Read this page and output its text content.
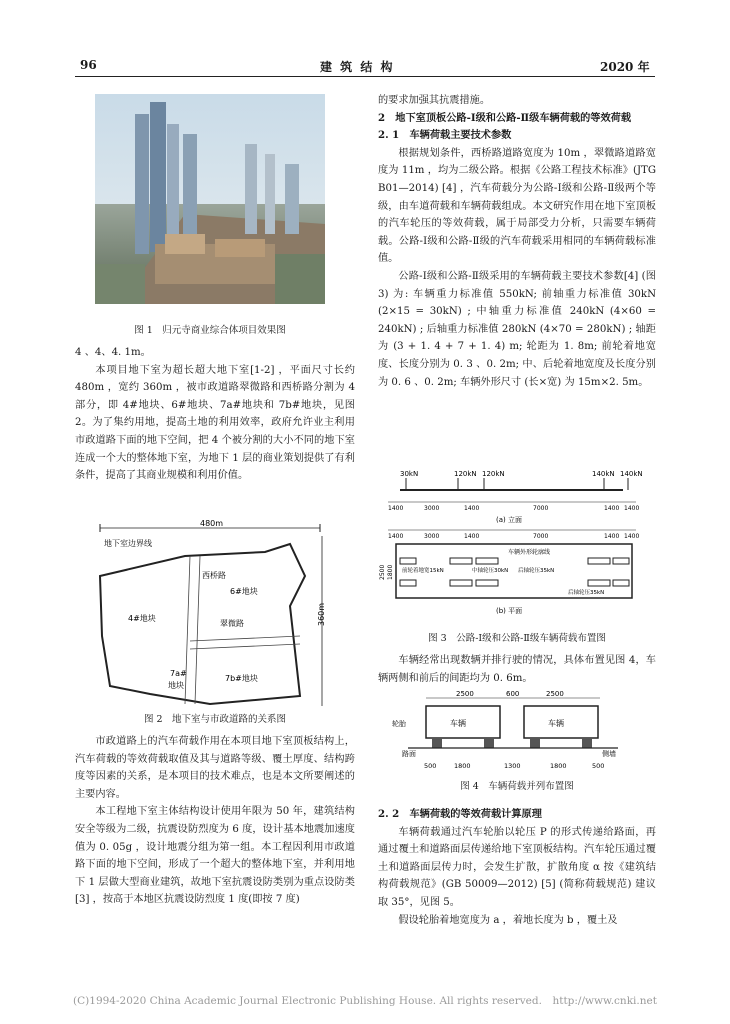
96	建 筑 结 构	2020 年
图 1　归元寺商业综合体项目效果图

4 、4、4. 1m。

本项目地下室为超长超大地下室[1-2] ，平面尺寸长约 480m ，宽约 360m ，被市政道路翠微路和西桥路分割为 4 部分，即 4#地块、6#地块、7a#地块和 7b#地块，见图 2。为了集约用地，提高土地的利用效率，政府允许业主利用市政道路下面的地下空间，把 4 个被分割的大小不同的地下室连成一个大的整体地下室，为地下 1 层的商业策划提供了有利条件，提高了其商业规模和利用价值。

480m
360m
地下室边界线
西桥路
4#地块
6#地块
翠微路
7a#
地块
7b#地块
图 2　地下室与市政道路的关系图

市政道路上的汽车荷载作用在本项目地下室顶板结构上，汽车荷载的等效荷载取值及其与道路等级、覆土厚度、结构跨度等因素的关系，是本项目的技术难点，也是本文所要阐述的主要内容。

本工程地下室主体结构设计使用年限为 50 年，建筑结构安全等级为二级，抗震设防烈度为 6 度，设计基本地震加速度值为 0. 05g ，设计地震分组为第一组。本工程因利用市政道路下面的地下空间，形成了一个超大的整体地下室，并利用地下 1 层做大型商业建筑，故地下室抗震设防类别为重点设防类[3] ，按高于本地区抗震设防烈度 1 度(即按 7 度)

的要求加强其抗震措施。

2　地下室顶板公路-Ⅰ级和公路-Ⅱ级车辆荷载的等效荷载

2. 1　车辆荷载主要技术参数

根据规划条件，西桥路道路宽度为 10m ，翠微路道路宽度为 11m ，均为二级公路。根据《公路工程技术标准》(JTG B01—2014) [4] ，汽车荷载分为公路-Ⅰ级和公路-Ⅱ级两个等级，由车道荷载和车辆荷载组成。本文研究作用在地下室顶板的汽车轮压的等效荷载，属于局部受力分析，只需要车辆荷载。公路-Ⅰ级和公路-Ⅱ级的汽车荷载采用相同的车辆荷载标准值。

公路-Ⅰ级和公路-Ⅱ级采用的车辆荷载主要技术参数[4] (图 3) 为: 车辆重力标准值 550kN; 前轴重力标准值 30kN (2×15 = 30kN) ; 中轴重力标准值 240kN (4×60 = 240kN) ; 后轴重力标准值 280kN (4×70 = 280kN) ; 轴距为 (3 + 1. 4 + 7 + 1. 4) m; 轮距为 1. 8m; 前轮着地宽度、长度分别为 0. 3 、0. 2m; 中、后轮着地宽度及长度分别为 0. 6 、0. 2m; 车辆外形尺寸 (长×宽) 为 15m×2. 5m。

30kN	120kN 120kN	140kN 140kN
1400	3000	1400	7000	1400 1400
(a) 立面
1400	3000	1400	7000	1400 1400
2500 1800
车辆外形轮廓线
前轮着地宽15kN	中轴轮压30kN 后轴轮压35kN
后轴轮压35kN
(b) 平面
图 3　公路-Ⅰ级和公路-Ⅱ级车辆荷载布置图

车辆经常出现数辆并排行驶的情况，具体布置见图 4，车辆两侧和前后的间距均为 0. 6m。

2500	600	2500
车辆	车辆
轮胎
路面	侧墙
500	1800	1300	1800	500
图 4　车辆荷载并列布置图

2. 2　车辆荷载的等效荷载计算原理

车辆荷载通过汽车轮胎以轮压 P 的形式传递给路面，再通过覆土和道路面层传递给地下室顶板结构。汽车轮压通过覆土和道路面层传力时，会发生扩散，扩散角度 α 按《建筑结构荷载规范》(GB 50009—2012) [5] (简称荷载规范) 建议取 35°，见图 5。

假设轮胎着地宽度为 a ，着地长度为 b ，覆土及

(C)1994-2020 China Academic Journal Electronic Publishing House. All rights reserved.　http://www.cnki.net
